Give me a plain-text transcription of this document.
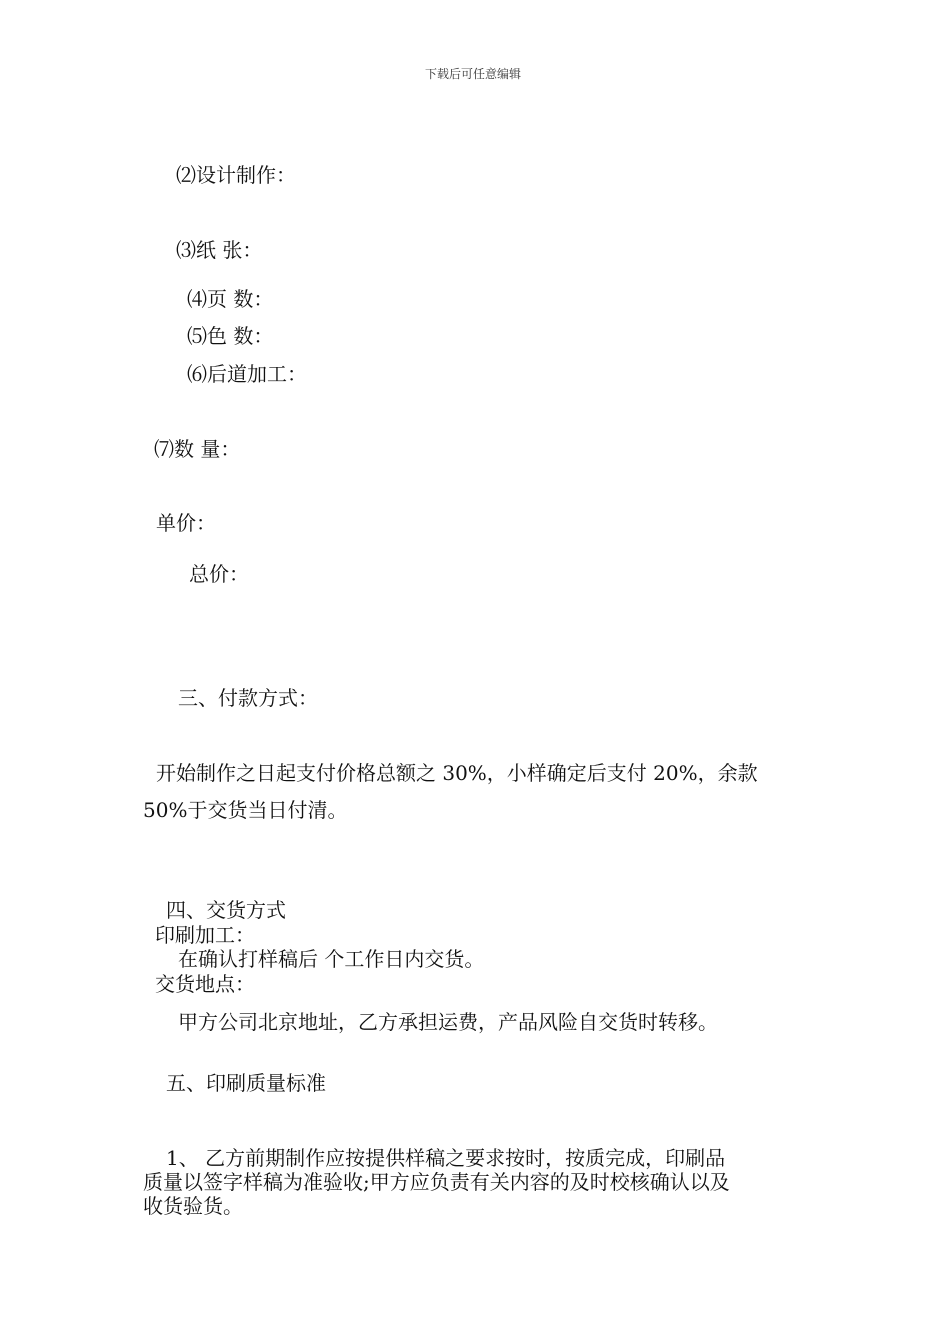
下载后可任意编辑
⑵设计制作：
⑶纸 张：
⑷页 数：
⑸色 数：
⑹后道加工：
⑺数 量：
单价：
总价：
三、付款方式：
开始制作之日起支付价格总额之 30%，小样确定后支付 20%，余款
50%于交货当日付清。
四、交货方式
印刷加工：
在确认打样稿后 个工作日内交货。
交货地点：
甲方公司北京地址，乙方承担运费，产品风险自交货时转移。
五、印刷质量标准
1、 乙方前期制作应按提供样稿之要求按时，按质完成，印刷品
质量以签字样稿为准验收;甲方应负责有关内容的及时校核确认以及
收货验货。
